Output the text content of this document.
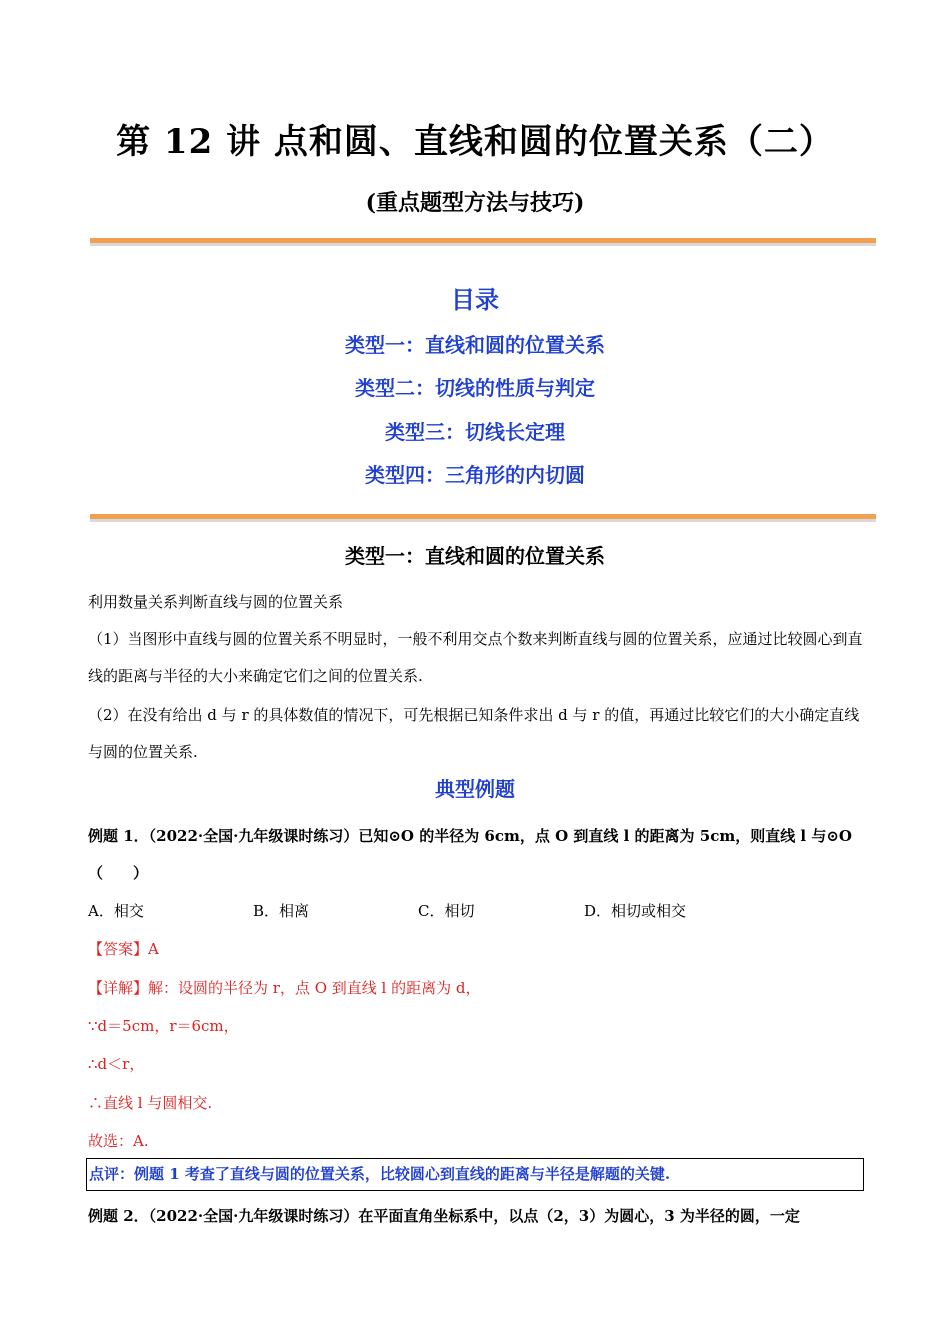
第 12 讲 点和圆、直线和圆的位置关系（二）
(重点题型方法与技巧)
目录
类型一：直线和圆的位置关系
类型二：切线的性质与判定
类型三：切线长定理
类型四：三角形的内切圆
类型一：直线和圆的位置关系
利用数量关系判断直线与圆的位置关系
（1）当图形中直线与圆的位置关系不明显时，一般不利用交点个数来判断直线与圆的位置关系，应通过比较圆心到直线的距离与半径的大小来确定它们之间的位置关系.
（2）在没有给出 d 与 r 的具体数值的情况下，可先根据已知条件求出 d 与 r 的值，再通过比较它们的大小确定直线与圆的位置关系.
典型例题
例题 1．（2022·全国·九年级课时练习）已知⊙O 的半径为 6cm，点 O 到直线 l 的距离为 5cm，则直线 l 与⊙O（　　）
A．相交	B．相离	C．相切	D．相切或相交
【答案】A
【详解】解：设圆的半径为 r，点 O 到直线 l 的距离为 d，
∵d＝5cm，r＝6cm，
∴d＜r，
∴直线 l 与圆相交.
故选：A.
点评：例题 1 考查了直线与圆的位置关系，比较圆心到直线的距离与半径是解题的关键.
例题 2．（2022·全国·九年级课时练习）在平面直角坐标系中，以点（2，3）为圆心，3 为半径的圆，一定
